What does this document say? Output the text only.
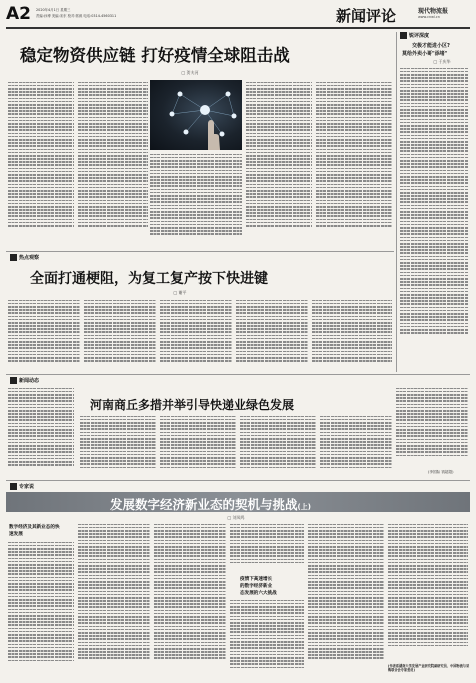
A2 2020年4月1日 星期三
责编:孙博 美编:宋东 校对:郭威 电话:0314-4560311	新闻评论	现代物流报
www.cnwl.cn
稳定物资供应链 打好疫情全球阻击战
□ 贺夫河
锐评深度
交极才能进小区?
莫给外卖小哥"添堵"
□ 于庆华
热点观察
全面打通梗阻，为复工复产按下快进键
□ 谢平
新闻动态
河南商丘多措并举引导快递业绿色发展
(李国际 钱超超)
专家说
发展数字经济新业态的契机与挑战(上)
□ 刘凤鸣
数字经济及其新业态的快
速发展
疫情下高速增长
的数字经济新业
态发展的六大挑战
(作者系湖南大学发展产业研究院副研究员、中国物流与采购联合会专家委员)
